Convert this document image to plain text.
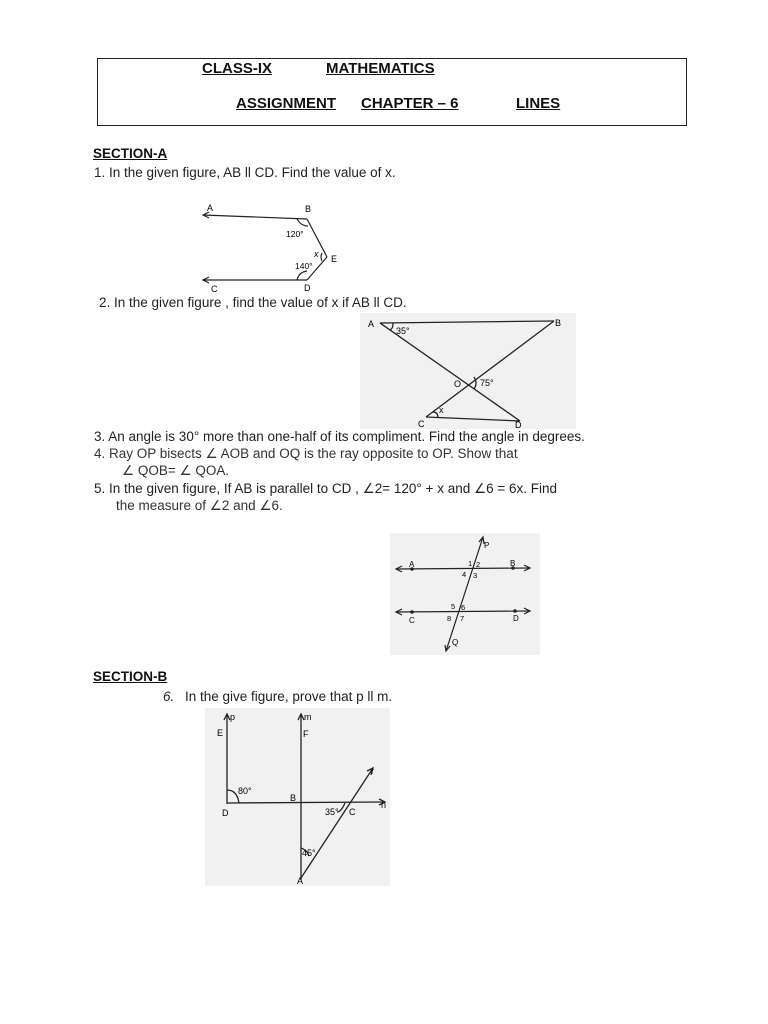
CLASS-IX	MATHEMATICS
ASSIGNMENT CHAPTER – 6	LINES
SECTION-A
1. In the given figure, AB ll CD. Find the value of x.
A	B
120°
x E
140°
C	D
2. In the given figure , find the value of x if AB ll CD.
A
35°
B
O 75°
x
C	D
3. An angle is 30° more than one-half of its compliment. Find the angle in degrees.
4. Ray OP bisects ∠ AOB and OQ is the ray opposite to OP. Show that
∠ QOB= ∠ QOA.
5. In the given figure, If AB is parallel to CD , ∠2= 120° + x and ∠6 = 6x. Find
the measure of ∠2 and ∠6.
P
A	B
1 2
4 3
5 6
8 7
C	D
Q
SECTION-B
6. In the give figure, prove that p ll m.
p	m
E	F
r
80°
B
n
D	35° C
45°
A
